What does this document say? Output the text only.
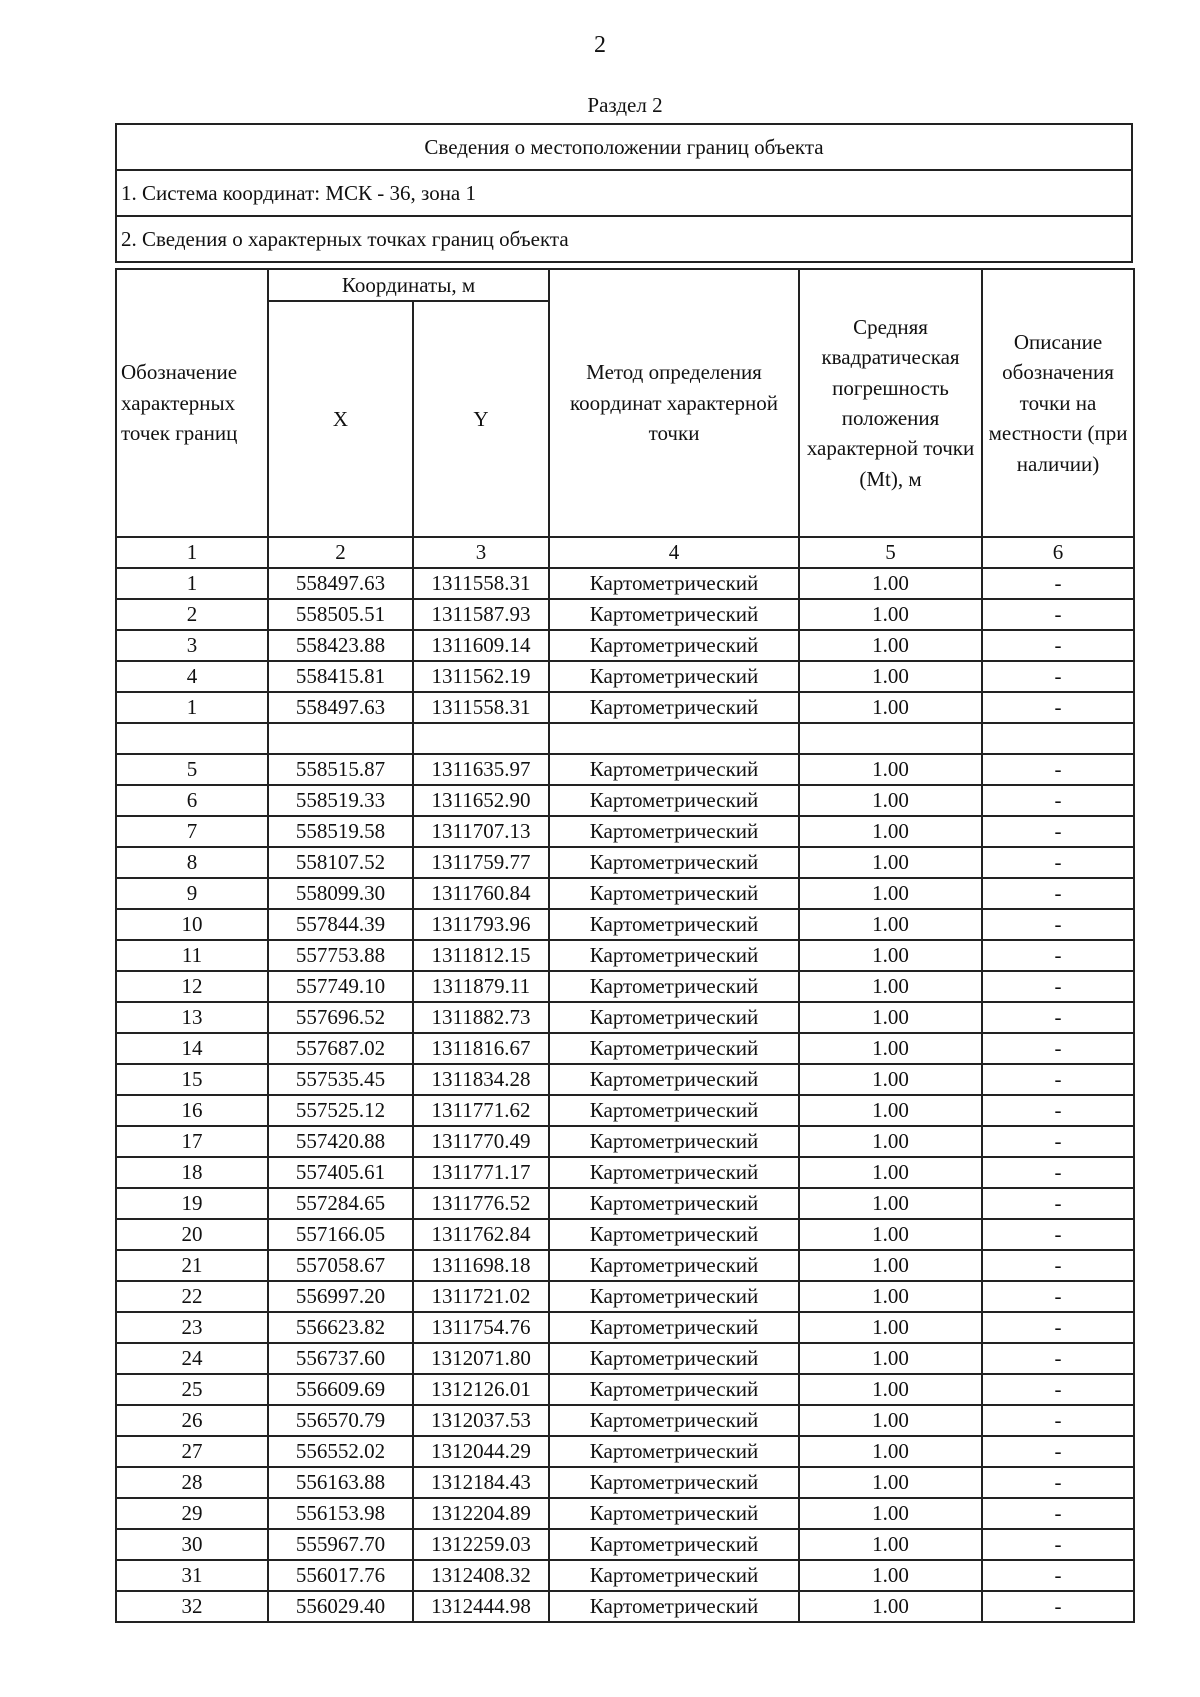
2
Раздел 2
Сведения о местоположении границ объекта
1. Система координат: МСК - 36, зона 1
2. Сведения о характерных точках границ объекта
Обозначение характерных точек границ	Координаты, м		Метод определения координат характерной точки	Средняя квадратическая погрешность положения характерной точки (Mt), м	Описание обозначения точки на местности (при наличии)
	X	Y			
1	2	3	4	5	6
1	558497.63	1311558.31	Картометрический	1.00	-
2	558505.51	1311587.93	Картометрический	1.00	-
3	558423.88	1311609.14	Картометрический	1.00	-
4	558415.81	1311562.19	Картометрический	1.00	-
1	558497.63	1311558.31	Картометрический	1.00	-

5	558515.87	1311635.97	Картометрический	1.00	-
6	558519.33	1311652.90	Картометрический	1.00	-
7	558519.58	1311707.13	Картометрический	1.00	-
8	558107.52	1311759.77	Картометрический	1.00	-
9	558099.30	1311760.84	Картометрический	1.00	-
10	557844.39	1311793.96	Картометрический	1.00	-
11	557753.88	1311812.15	Картометрический	1.00	-
12	557749.10	1311879.11	Картометрический	1.00	-
13	557696.52	1311882.73	Картометрический	1.00	-
14	557687.02	1311816.67	Картометрический	1.00	-
15	557535.45	1311834.28	Картометрический	1.00	-
16	557525.12	1311771.62	Картометрический	1.00	-
17	557420.88	1311770.49	Картометрический	1.00	-
18	557405.61	1311771.17	Картометрический	1.00	-
19	557284.65	1311776.52	Картометрический	1.00	-
20	557166.05	1311762.84	Картометрический	1.00	-
21	557058.67	1311698.18	Картометрический	1.00	-
22	556997.20	1311721.02	Картометрический	1.00	-
23	556623.82	1311754.76	Картометрический	1.00	-
24	556737.60	1312071.80	Картометрический	1.00	-
25	556609.69	1312126.01	Картометрический	1.00	-
26	556570.79	1312037.53	Картометрический	1.00	-
27	556552.02	1312044.29	Картометрический	1.00	-
28	556163.88	1312184.43	Картометрический	1.00	-
29	556153.98	1312204.89	Картометрический	1.00	-
30	555967.70	1312259.03	Картометрический	1.00	-
31	556017.76	1312408.32	Картометрический	1.00	-
32	556029.40	1312444.98	Картометрический	1.00	-
